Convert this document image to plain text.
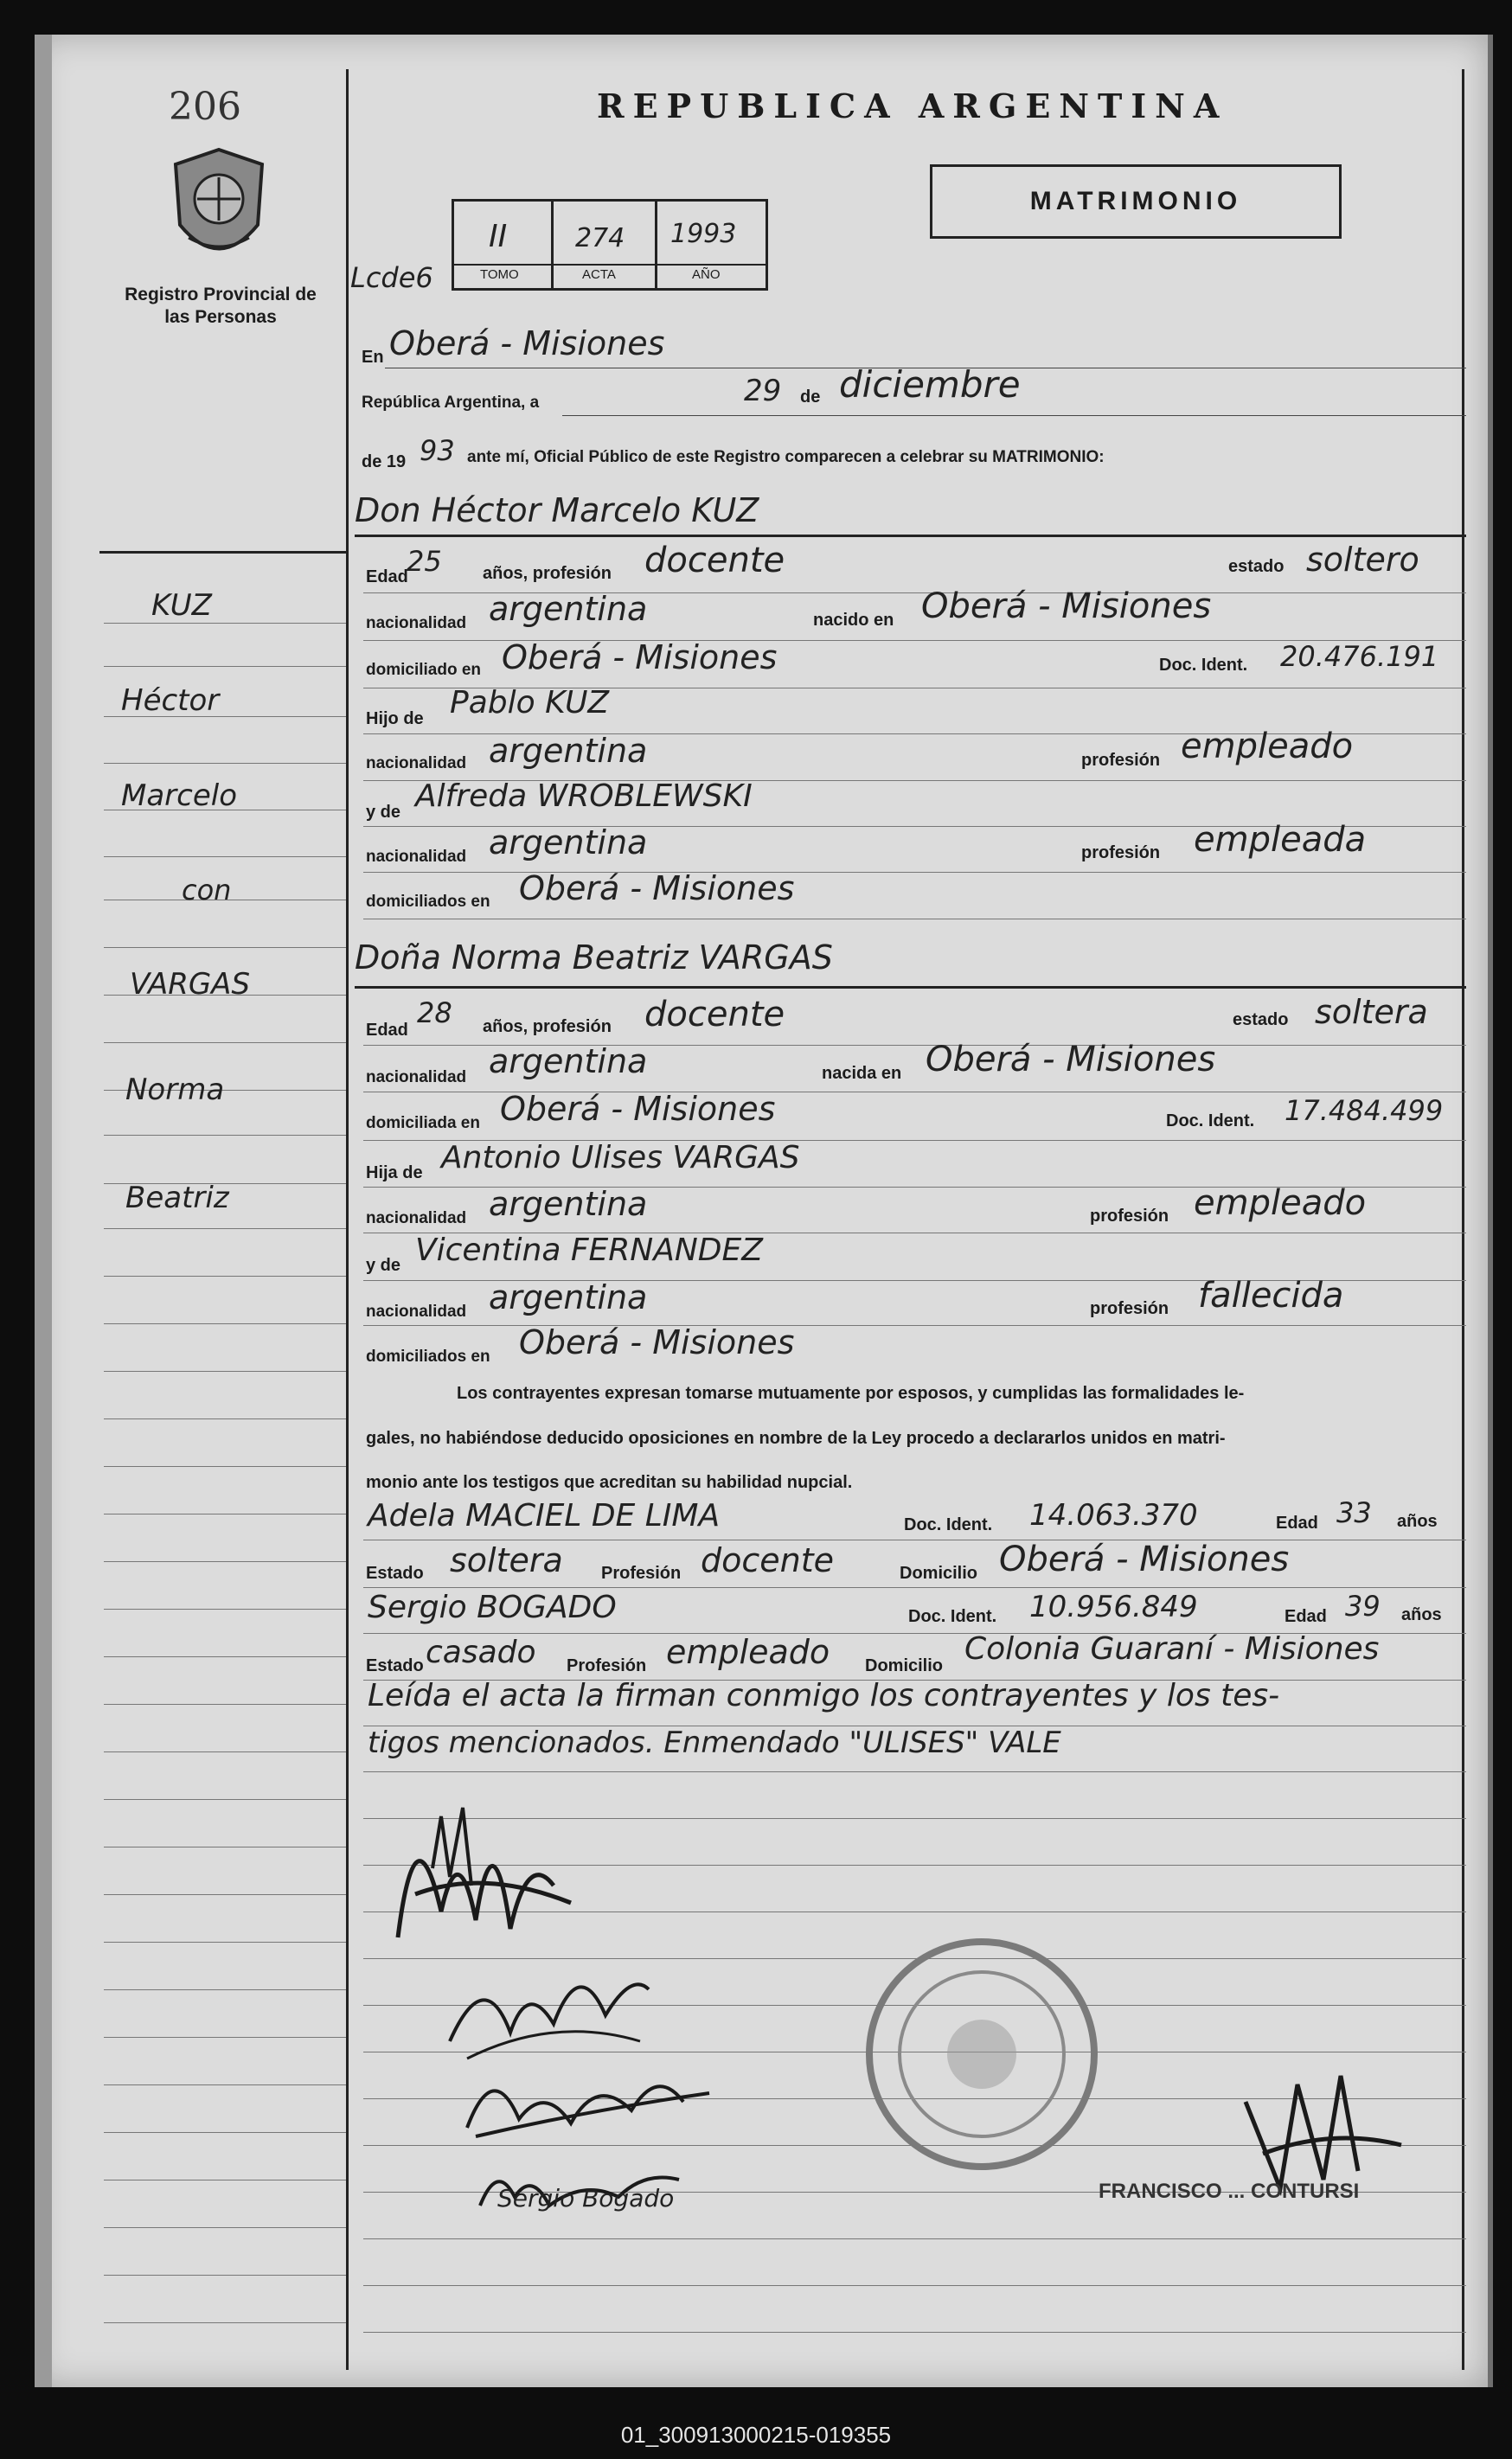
206
Registro Provincial de las Personas
REPUBLICA ARGENTINA
MATRIMONIO
II
TOMO
274
ACTA
1993
AÑO
Lcde6
KUZ
Héctor
Marcelo
con
VARGAS
Norma
Beatriz
En Oberá - Misiones
República Argentina, a	29 de diciembre
de 19 93 ante mí, Oficial Público de este Registro comparecen a celebrar su MATRIMONIO:
Don Héctor Marcelo KUZ
Edad
25 años, profesión docente	estado soltero
nacionalidad argentina	nacido en Oberá - Misiones
domiciliado en Oberá - Misiones	Doc. Ident. 20.476.191
Hijo de Pablo KUZ
nacionalidad argentina	profesión empleado
y de Alfreda WROBLEWSKI
nacionalidad argentina	profesión empleada
domiciliados en Oberá - Misiones
Doña Norma Beatriz VARGAS
Edad
28 años, profesión docente	estado soltera
nacionalidad argentina	nacida en Oberá - Misiones
domiciliada en Oberá - Misiones	Doc. Ident. 17.484.499
Hija de Antonio Ulises VARGAS
nacionalidad argentina	profesión empleado
y de Vicentina FERNANDEZ
nacionalidad argentina	profesión fallecida
domiciliados en Oberá - Misiones
Los contrayentes expresan tomarse mutuamente por esposos, y cumplidas las formalidades le-
gales, no habiéndose deducido oposiciones en nombre de la Ley procedo a declararlos unidos en matri-
monio ante los testigos que acreditan su habilidad nupcial.
Adela MACIEL DE LIMA	Doc. Ident. 14.063.370	Edad 33 años
Estado soltera Profesión docente	Domicilio Oberá - Misiones
Sergio BOGADO	Doc. Ident. 10.956.849	Edad 39 años
Estado casado Profesión empleado Domicilio Colonia Guaraní - Misiones
Leída el acta la firman conmigo los contrayentes y los tes-
tigos mencionados. Enmendado "ULISES" VALE
Sergio Bogado	FRANCISCO ... CONTURSI
01_300913000215-019355
